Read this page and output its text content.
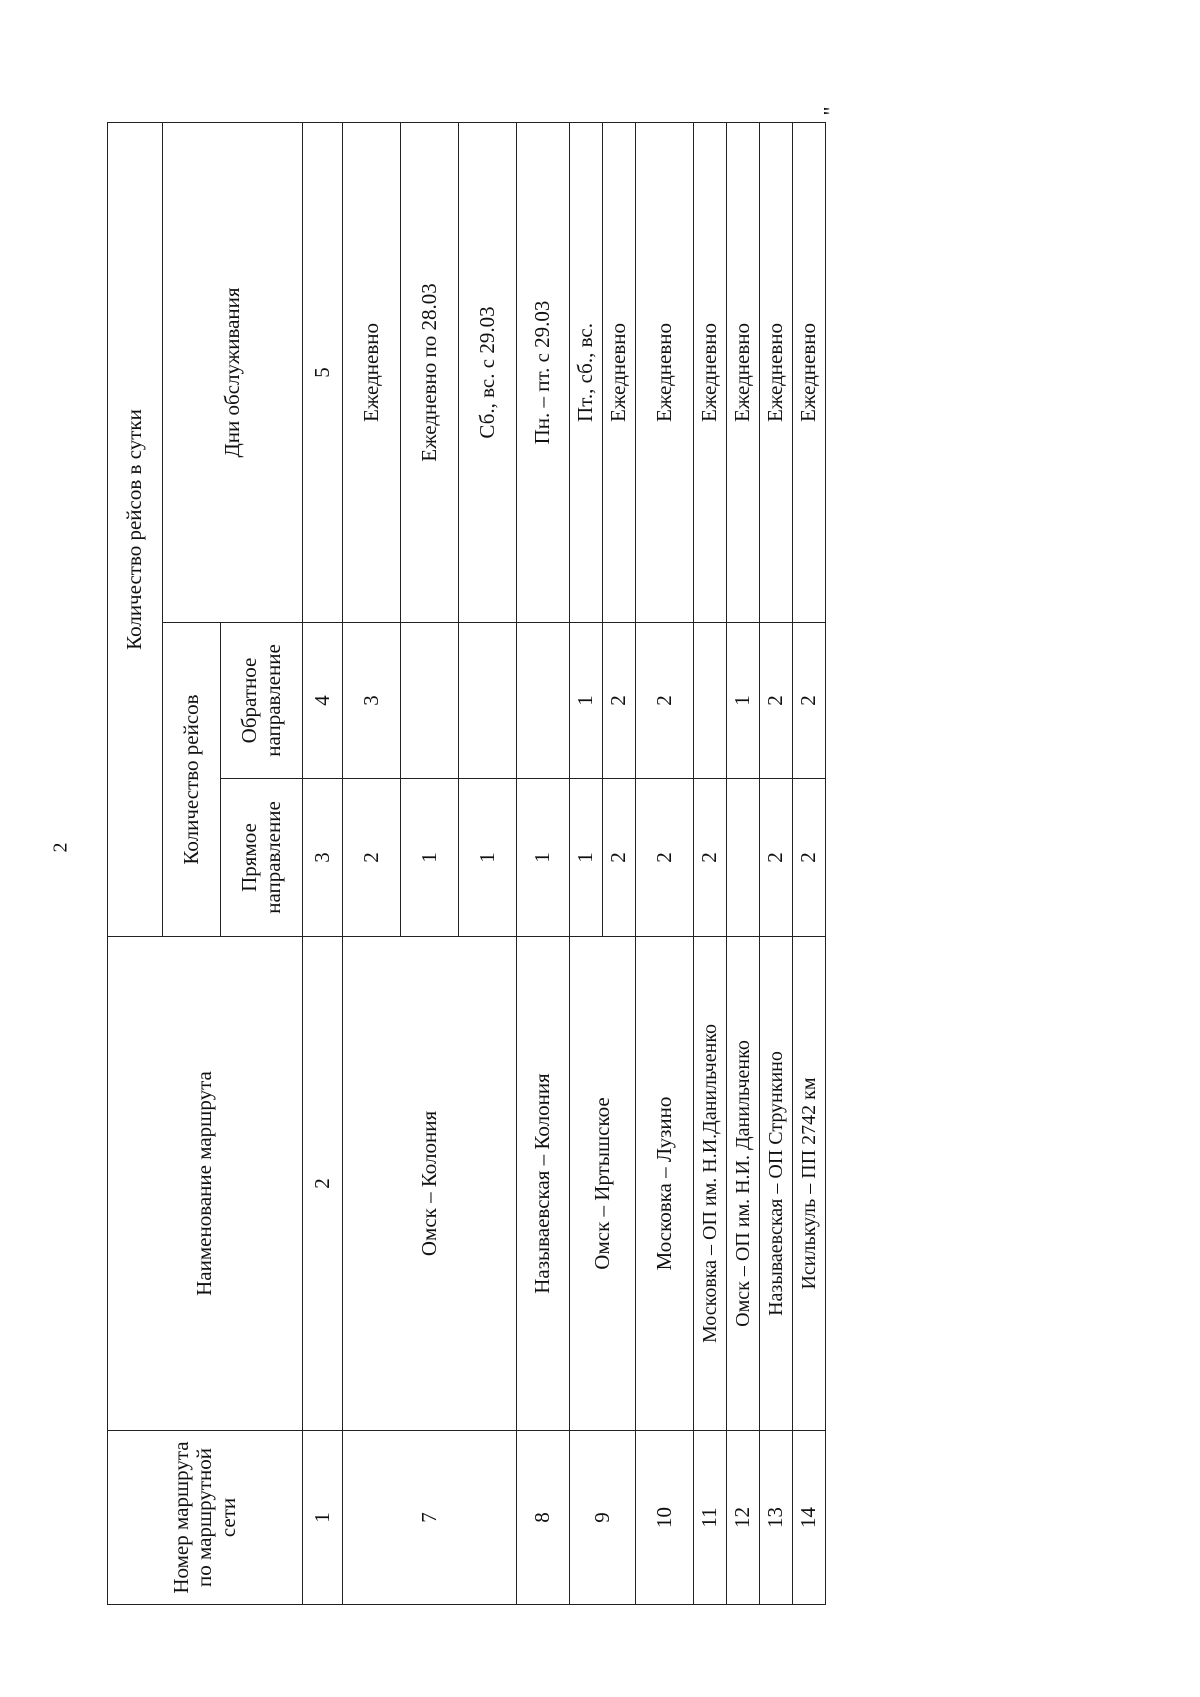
2
"
Номер маршрута по маршрутной сети	Наименование маршрута	Количество рейсов в сутки		
		Количество рейсов		Дни обслуживания
		Прямое направление	Обратное направление	
1	2	3	4	5
7	Омск – Колония	2	3	Ежедневно
		1		Ежедневно по 28.03
		1		Сб., вс. с 29.03
8	Называевская – Колония	1		Пн. – пт. с 29.03
9	Омск – Иртышское	1	1	Пт., сб., вс.
		2	2	Ежедневно
10	Московка – Лузино	2	2	Ежедневно
11	Московка – ОП им. Н.И.Данильченко	2		Ежедневно
12	Омск – ОП им. Н.И. Данильченко		1	Ежедневно
13	Называевская – ОП Стрункино	2	2	Ежедневно
14	Исилькуль – ПП 2742 км	2	2	Ежедневно
